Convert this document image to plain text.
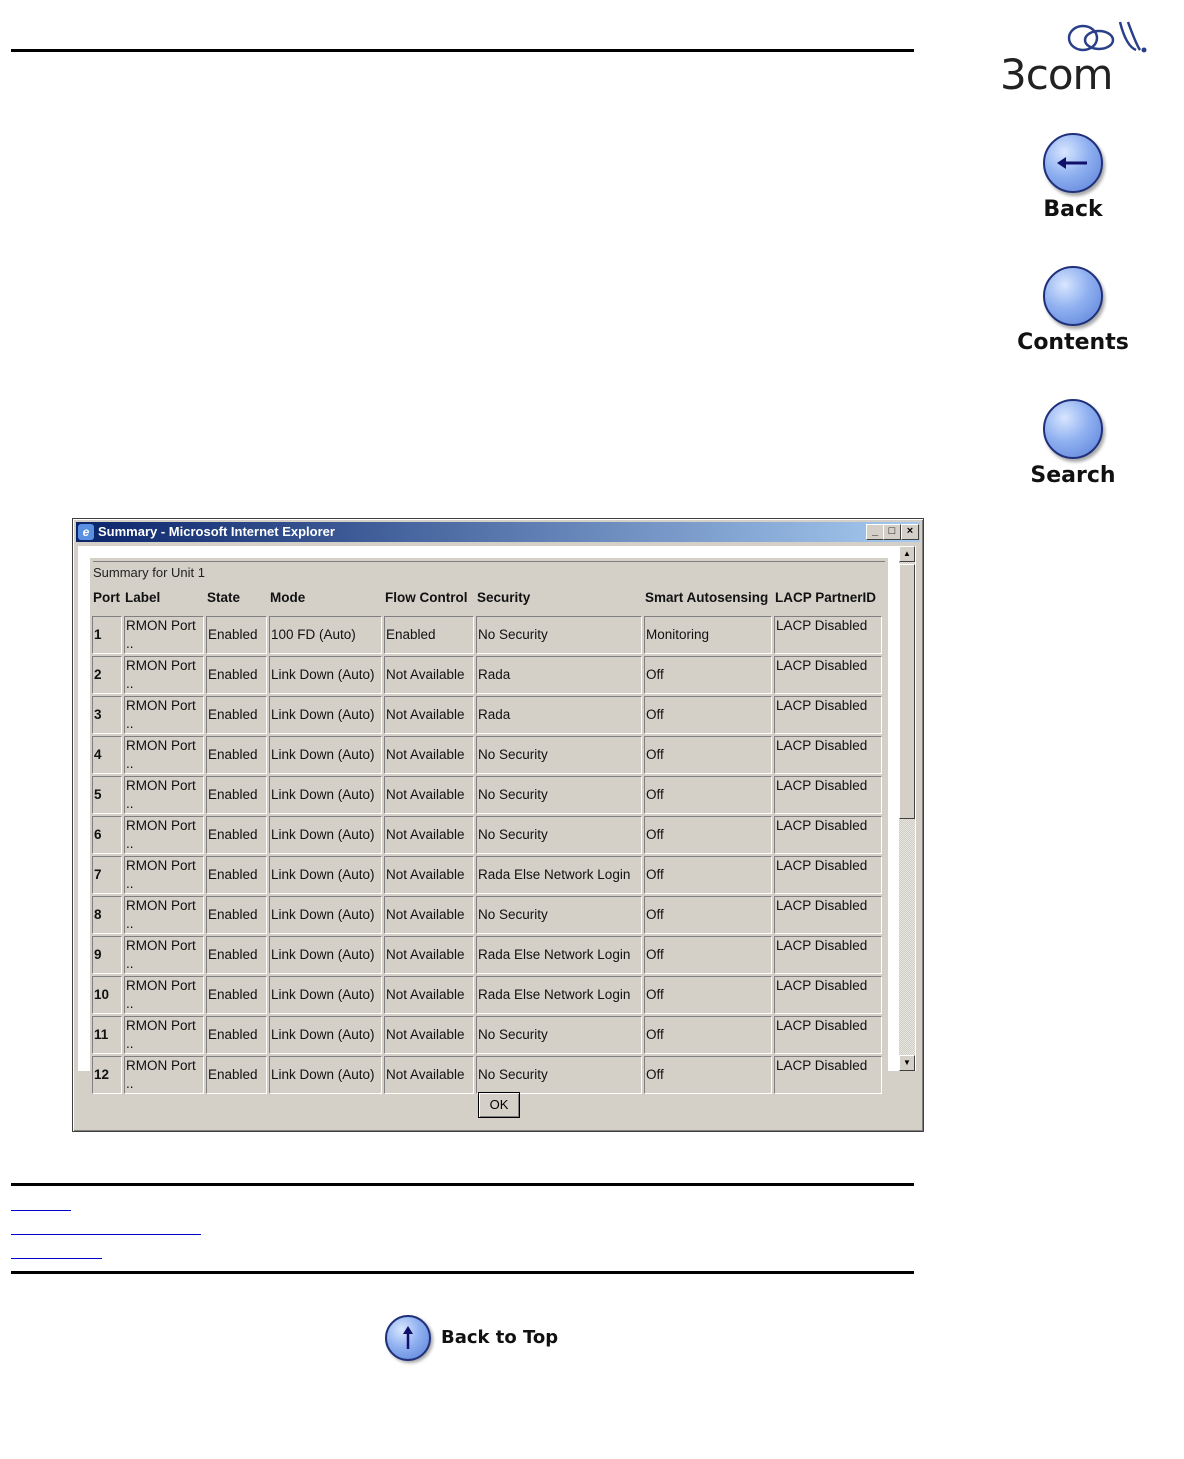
3com
Back
Contents
Search
e Summary - Microsoft Internet Explorer	_ □	×
Summary for Unit 1
Port	Label	State	Mode	Flow Control	Security	Smart Autosensing	LACP PartnerID
1	RMON Port ..	Enabled	100 FD (Auto)	Enabled	No Security	Monitoring	LACP Disabled
2	RMON Port ..	Enabled	Link Down (Auto)	Not Available	Rada	Off	LACP Disabled
3	RMON Port ..	Enabled	Link Down (Auto)	Not Available	Rada	Off	LACP Disabled
4	RMON Port ..	Enabled	Link Down (Auto)	Not Available	No Security	Off	LACP Disabled
5	RMON Port ..	Enabled	Link Down (Auto)	Not Available	No Security	Off	LACP Disabled
6	RMON Port ..	Enabled	Link Down (Auto)	Not Available	No Security	Off	LACP Disabled
7	RMON Port ..	Enabled	Link Down (Auto)	Not Available	Rada Else Network Login	Off	LACP Disabled
8	RMON Port ..	Enabled	Link Down (Auto)	Not Available	No Security	Off	LACP Disabled
9	RMON Port ..	Enabled	Link Down (Auto)	Not Available	Rada Else Network Login	Off	LACP Disabled
10	RMON Port ..	Enabled	Link Down (Auto)	Not Available	Rada Else Network Login	Off	LACP Disabled
11	RMON Port ..	Enabled	Link Down (Auto)	Not Available	No Security	Off	LACP Disabled
12	RMON Port ..	Enabled	Link Down (Auto)	Not Available	No Security	Off	LACP Disabled
▲
▼
OK
Back to Top
